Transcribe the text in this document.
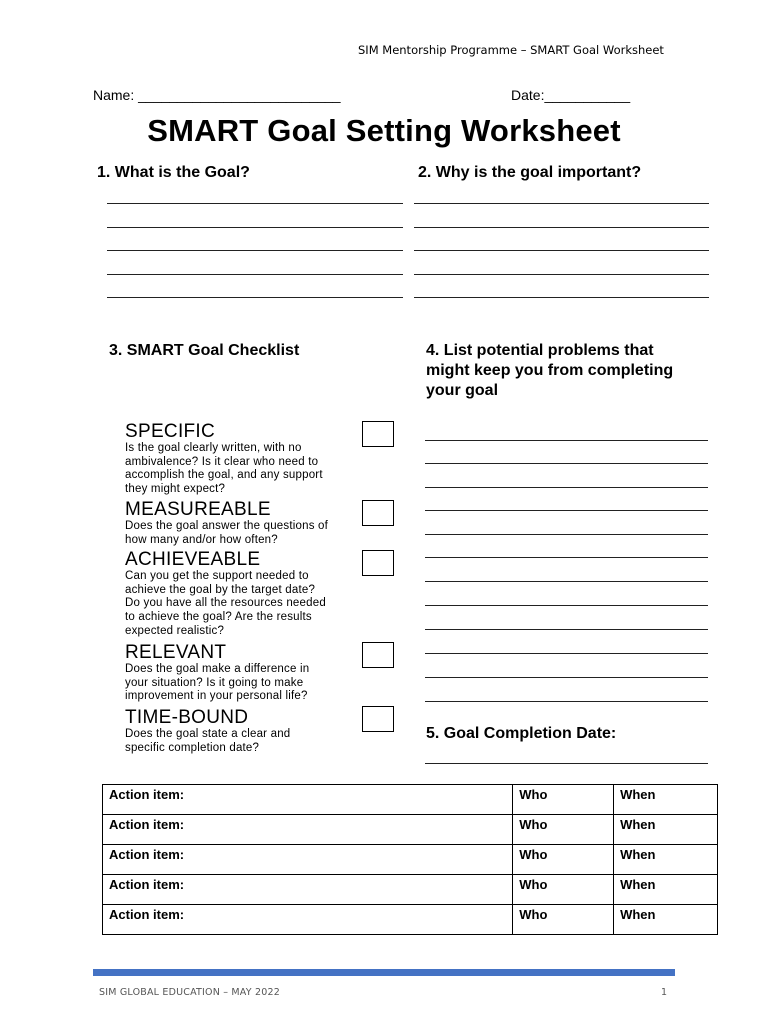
SIM Mentorship Programme – SMART Goal Worksheet
Name: __________________________	Date:___________
SMART Goal Setting Worksheet
1. What is the Goal?	2. Why is the goal important?
3. SMART Goal Checklist	4. List potential problems that
might keep you from completing
your goal
SPECIFIC
Is the goal clearly written, with no
ambivalence? Is it clear who need to
accomplish the goal, and any support
they might expect?
MEASUREABLE
Does the goal answer the questions of
how many and/or how often?
ACHIEVEABLE
Can you get the support needed to
achieve the goal by the target date?
Do you have all the resources needed
to achieve the goal? Are the results
expected realistic?
RELEVANT
Does the goal make a difference in
your situation? Is it going to make
improvement in your personal life?
TIME-BOUND
Does the goal state a clear and
specific completion date?
5. Goal Completion Date:
Action item:	Who	When
Action item:	Who	When
Action item:	Who	When
Action item:	Who	When
Action item:	Who	When
SIM GLOBAL EDUCATION – MAY 2022	1
